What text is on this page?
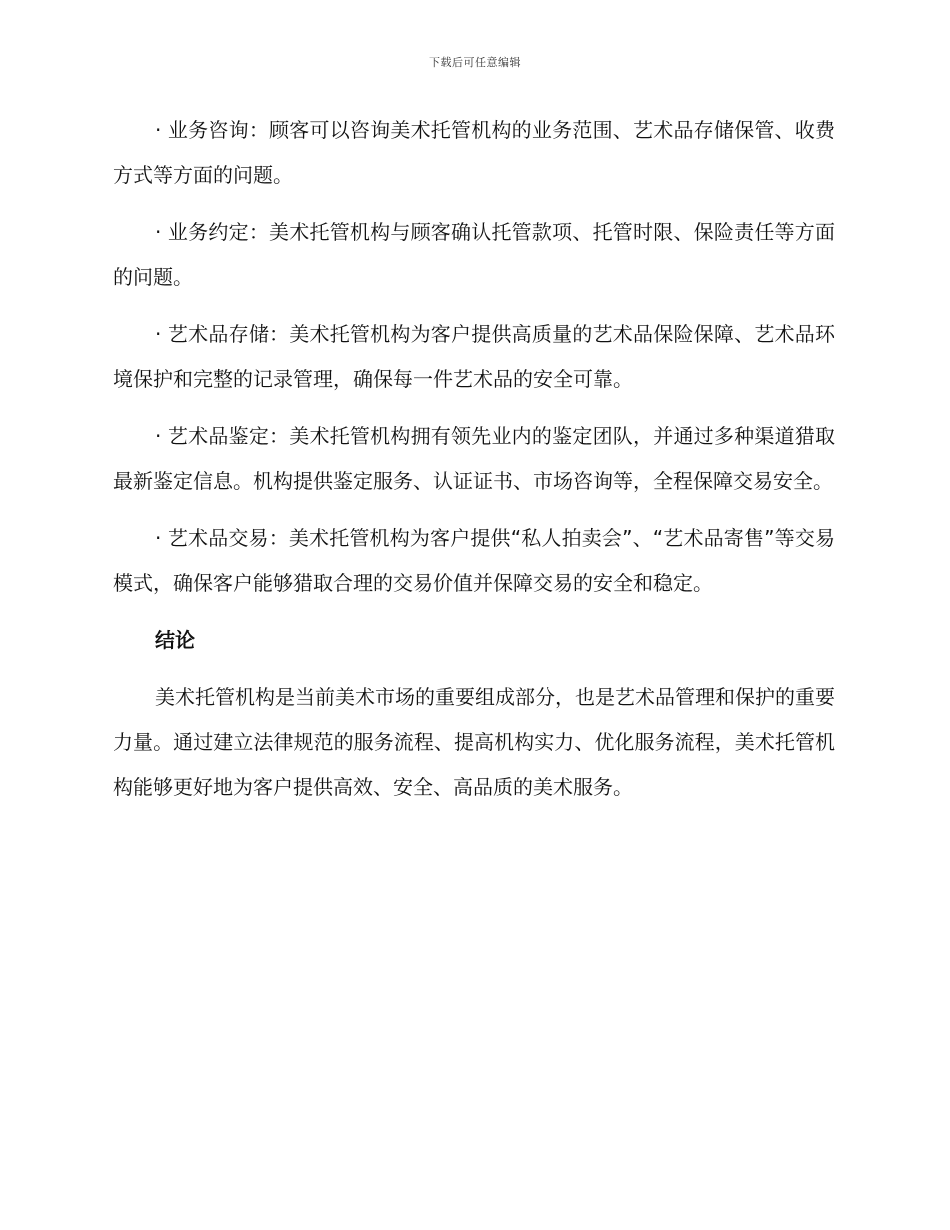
下载后可任意编辑

· 业务咨询：顾客可以咨询美术托管机构的业务范围、艺术品存储保管、收费方式等方面的问题。

· 业务约定：美术托管机构与顾客确认托管款项、托管时限、保险责任等方面的问题。

· 艺术品存储：美术托管机构为客户提供高质量的艺术品保险保障、艺术品环境保护和完整的记录管理，确保每一件艺术品的安全可靠。

· 艺术品鉴定：美术托管机构拥有领先业内的鉴定团队，并通过多种渠道猎取最新鉴定信息。机构提供鉴定服务、认证证书、市场咨询等，全程保障交易安全。

· 艺术品交易：美术托管机构为客户提供“私人拍卖会”、“艺术品寄售”等交易模式，确保客户能够猎取合理的交易价值并保障交易的安全和稳定。

结论

美术托管机构是当前美术市场的重要组成部分，也是艺术品管理和保护的重要力量。通过建立法律规范的服务流程、提高机构实力、优化服务流程，美术托管机构能够更好地为客户提供高效、安全、高品质的美术服务。
